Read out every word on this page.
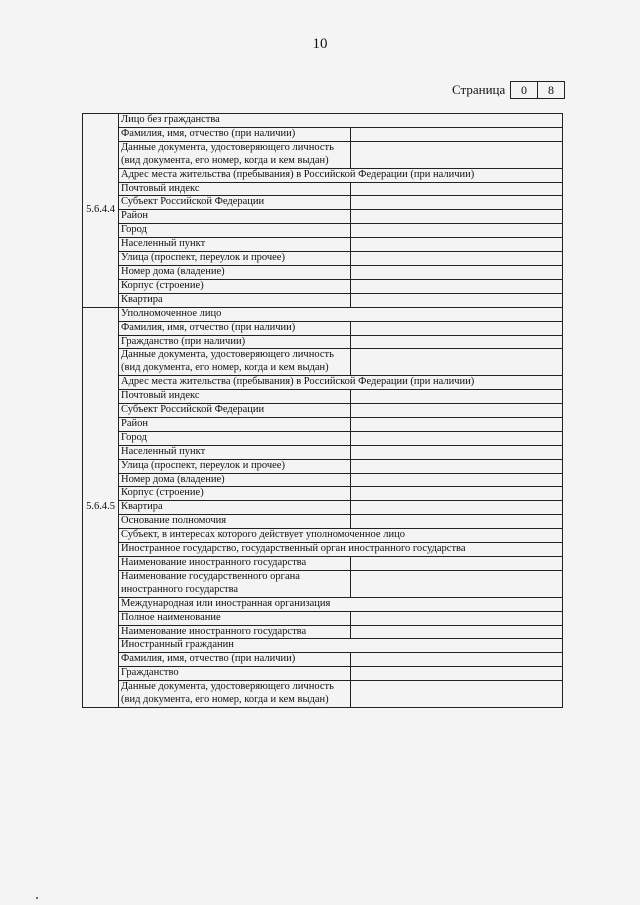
10
Страница	0	8
5.6.4.4	Лицо без гражданства	
	Фамилия, имя, отчество (при наличии)	
	Данные документа, удостоверяющего личность (вид документа, его номер, когда и кем выдан)	
	Адрес места жительства (пребывания) в Российской Федерации (при наличии)	
	Почтовый индекс	
	Субъект Российской Федерации	
	Район	
	Город	
	Населенный пункт	
	Улица (проспект, переулок и прочее)	
	Номер дома (владение)	
	Корпус (строение)	
	Квартира	
5.6.4.5	Уполномоченное лицо	
	Фамилия, имя, отчество (при наличии)	
	Гражданство (при наличии)	
	Данные документа, удостоверяющего личность (вид документа, его номер, когда и кем выдан)	
	Адрес места жительства (пребывания) в Российской Федерации (при наличии)	
	Почтовый индекс	
	Субъект Российской Федерации	
	Район	
	Город	
	Населенный пункт	
	Улица (проспект, переулок и прочее)	
	Номер дома (владение)	
	Корпус (строение)	
	Квартира	
	Основание полномочия	
	Субъект, в интересах которого действует уполномоченное лицо	
	Иностранное государство, государственный орган иностранного государства	
	Наименование иностранного государства	
	Наименование государственного органа иностранного государства	
	Международная или иностранная организация	
	Полное наименование	
	Наименование иностранного государства	
	Иностранный гражданин	
	Фамилия, имя, отчество (при наличии)	
	Гражданство	
	Данные документа, удостоверяющего личность (вид документа, его номер, когда и кем выдан)	
